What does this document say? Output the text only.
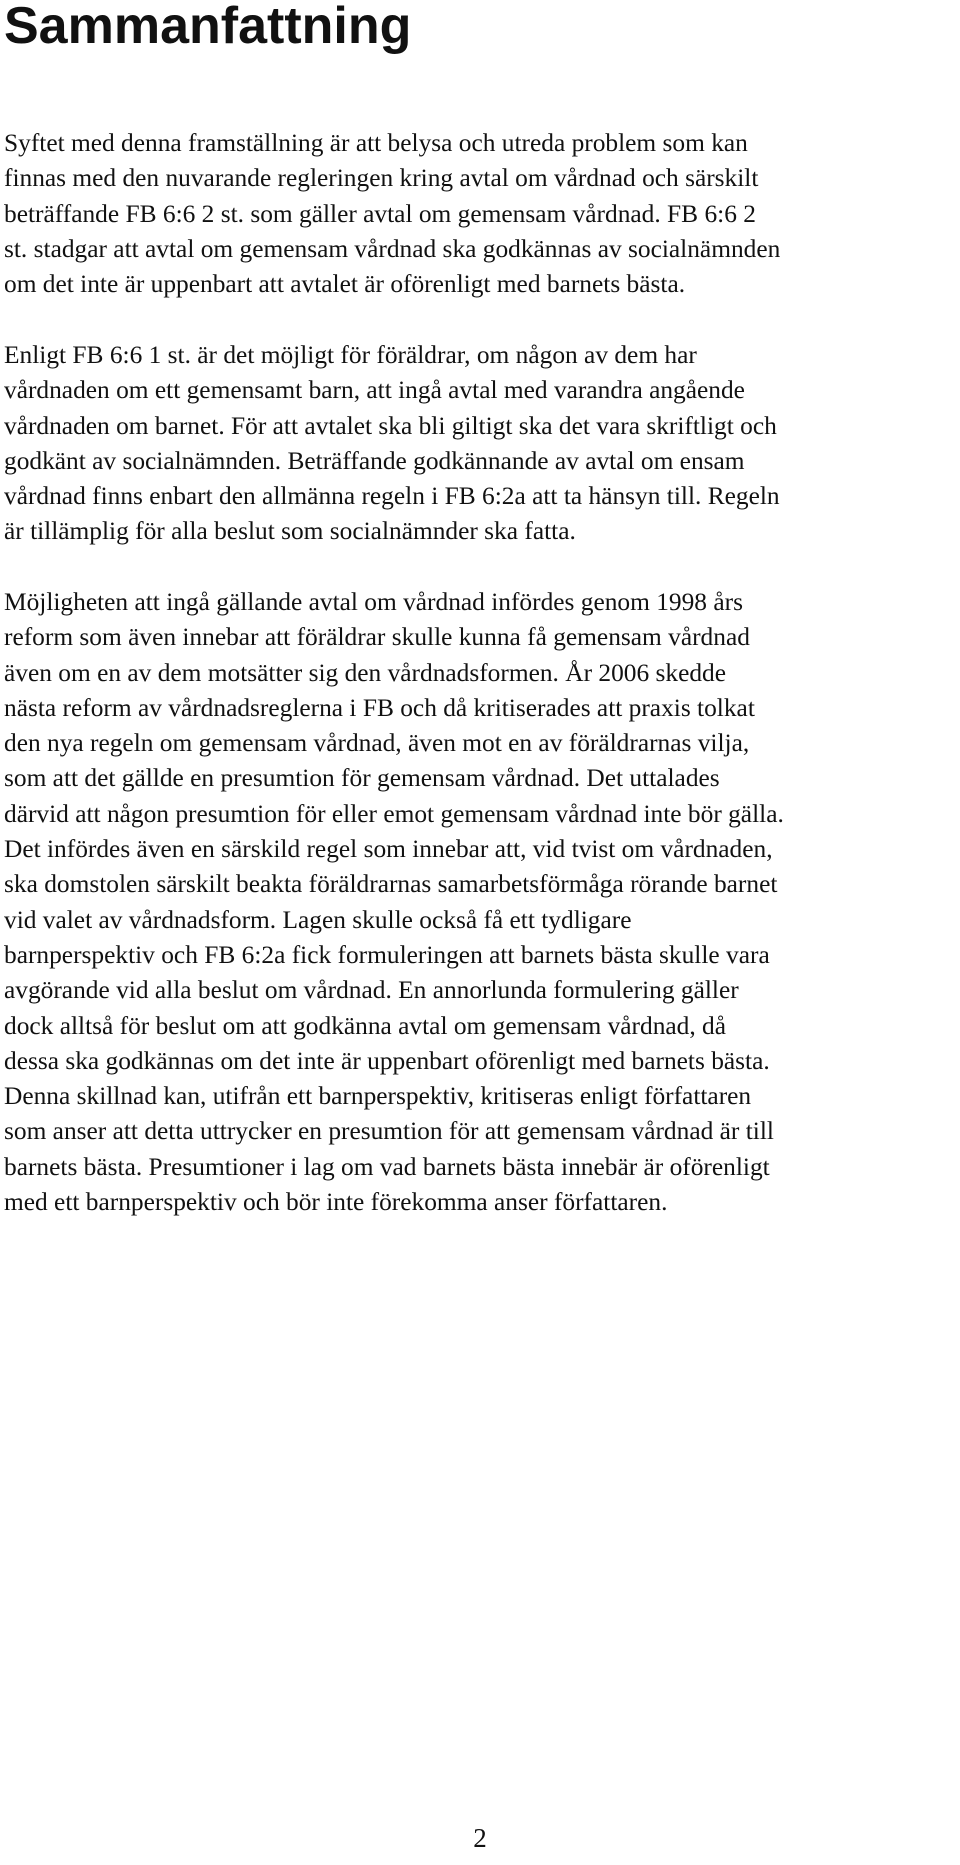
Sammanfattning
Syftet med denna framställning är att belysa och utreda problem som kan
finnas med den nuvarande regleringen kring avtal om vårdnad och särskilt
beträffande FB 6:6 2 st. som gäller avtal om gemensam vårdnad. FB 6:6 2
st. stadgar att avtal om gemensam vårdnad ska godkännas av socialnämnden
om det inte är uppenbart att avtalet är oförenligt med barnets bästa.
Enligt FB 6:6 1 st. är det möjligt för föräldrar, om någon av dem har
vårdnaden om ett gemensamt barn, att ingå avtal med varandra angående
vårdnaden om barnet. För att avtalet ska bli giltigt ska det vara skriftligt och
godkänt av socialnämnden. Beträffande godkännande av avtal om ensam
vårdnad finns enbart den allmänna regeln i FB 6:2a att ta hänsyn till. Regeln
är tillämplig för alla beslut som socialnämnder ska fatta.
Möjligheten att ingå gällande avtal om vårdnad infördes genom 1998 års
reform som även innebar att föräldrar skulle kunna få gemensam vårdnad
även om en av dem motsätter sig den vårdnadsformen. År 2006 skedde
nästa reform av vårdnadsreglerna i FB och då kritiserades att praxis tolkat
den nya regeln om gemensam vårdnad, även mot en av föräldrarnas vilja,
som att det gällde en presumtion för gemensam vårdnad. Det uttalades
därvid att någon presumtion för eller emot gemensam vårdnad inte bör gälla.
Det infördes även en särskild regel som innebar att, vid tvist om vårdnaden,
ska domstolen särskilt beakta föräldrarnas samarbetsförmåga rörande barnet
vid valet av vårdnadsform. Lagen skulle också få ett tydligare
barnperspektiv och FB 6:2a fick formuleringen att barnets bästa skulle vara
avgörande vid alla beslut om vårdnad. En annorlunda formulering gäller
dock alltså för beslut om att godkänna avtal om gemensam vårdnad, då
dessa ska godkännas om det inte är uppenbart oförenligt med barnets bästa.
Denna skillnad kan, utifrån ett barnperspektiv, kritiseras enligt författaren
som anser att detta uttrycker en presumtion för att gemensam vårdnad är till
barnets bästa. Presumtioner i lag om vad barnets bästa innebär är oförenligt
med ett barnperspektiv och bör inte förekomma anser författaren.
2
